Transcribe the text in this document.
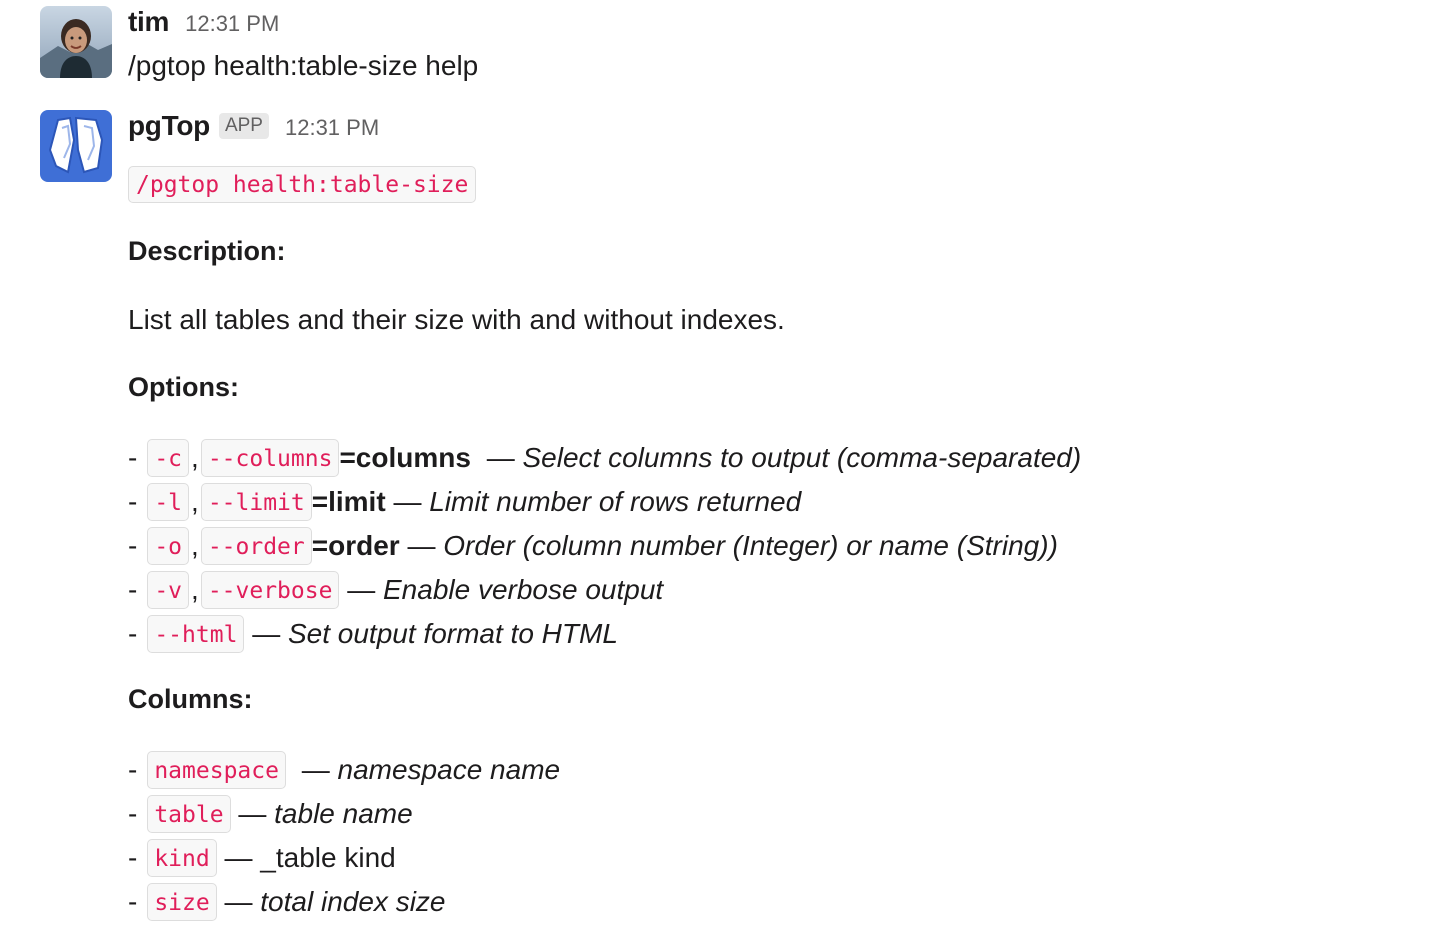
tim 12:31 PM
/pgtop health:table-size help
pgTop APP 12:31 PM
/pgtop health:table-size
Description:
List all tables and their size with and without indexes.
Options:
- -c , --columns =columns — Select columns to output (comma-separated)
- -l , --limit =limit — Limit number of rows returned
- -o , --order =order — Order (column number (Integer) or name (String))
- -v , --verbose — Enable verbose output
- --html — Set output format to HTML
Columns:
- namespace — namespace name
- table — table name
- kind — _table kind
- size — total index size
